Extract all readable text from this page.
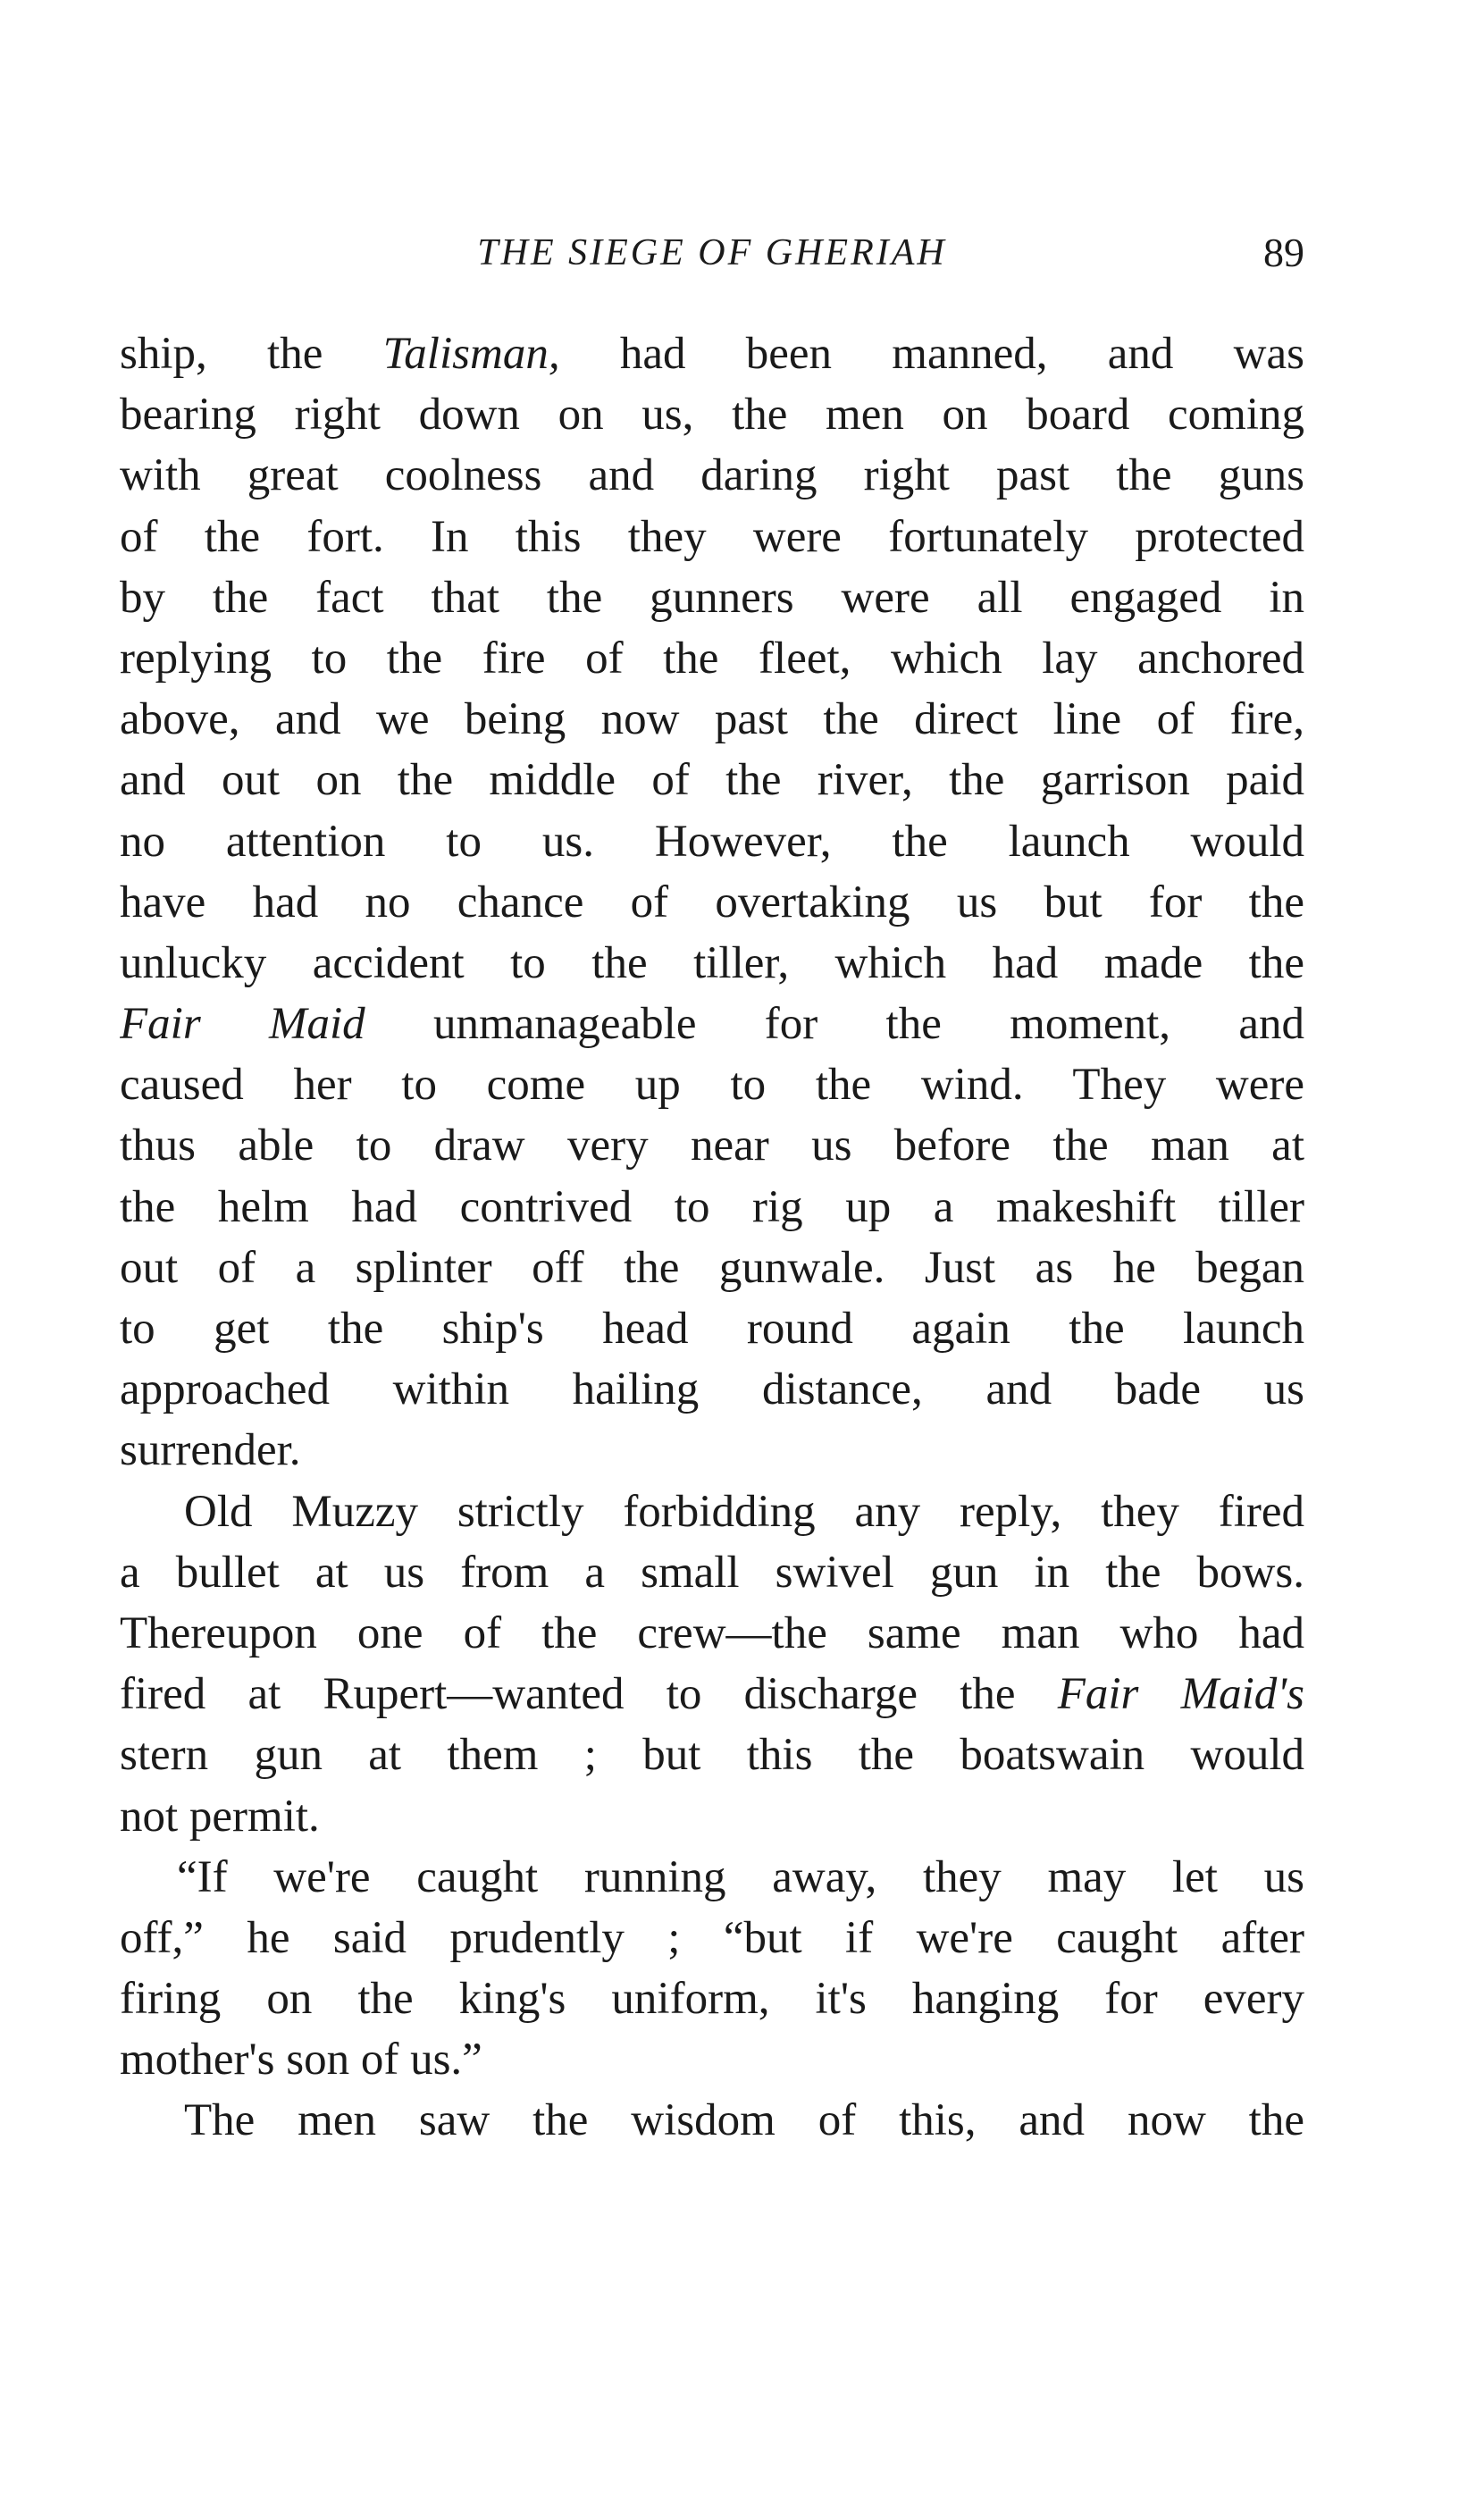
THE SIEGE OF GHERIAH	89
ship, the Talisman, had been manned, and was
bearing right down on us, the men on board coming
with great coolness and daring right past the guns
of the fort. In this they were fortunately protected
by the fact that the gunners were all engaged in
replying to the fire of the fleet, which lay anchored
above, and we being now past the direct line of fire,
and out on the middle of the river, the garrison paid
no attention to us. However, the launch would
have had no chance of overtaking us but for the
unlucky accident to the tiller, which had made the
Fair Maid unmanageable for the moment, and
caused her to come up to the wind. They were
thus able to draw very near us before the man at
the helm had contrived to rig up a makeshift tiller
out of a splinter off the gunwale. Just as he began
to get the ship's head round again the launch
approached within hailing distance, and bade us
surrender.
Old Muzzy strictly forbidding any reply, they fired
a bullet at us from a small swivel gun in the bows.
Thereupon one of the crew—the same man who had
fired at Rupert—wanted to discharge the Fair Maid's
stern gun at them ; but this the boatswain would
not permit.
“If we're caught running away, they may let us
off,” he said prudently ; “but if we're caught after
firing on the king's uniform, it's hanging for every
mother's son of us.”
The men saw the wisdom of this, and now the
